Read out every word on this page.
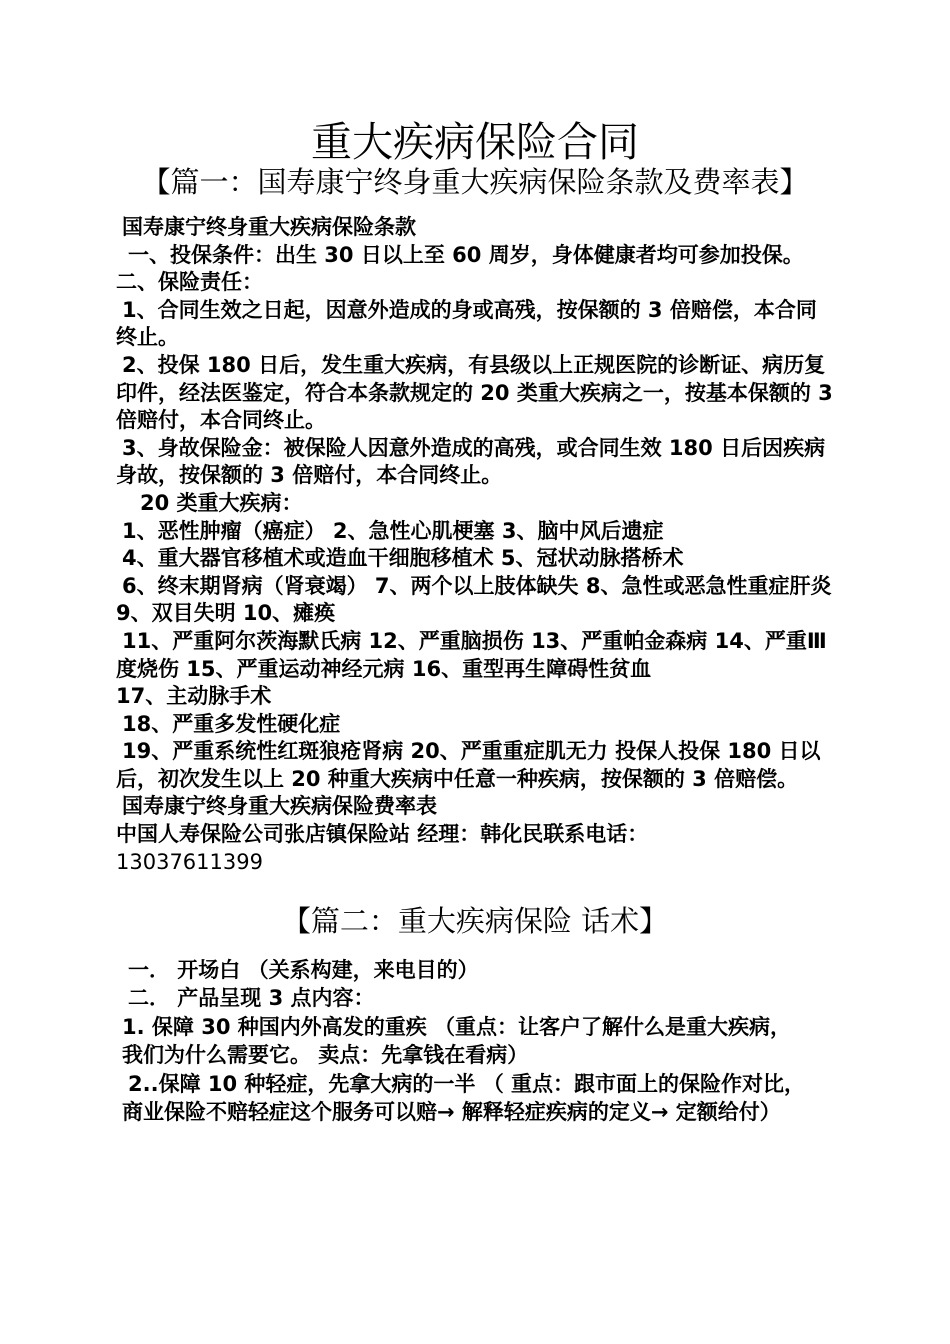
重大疾病保险合同
【篇一：国寿康宁终身重大疾病保险条款及费率表】

国寿康宁终身重大疾病保险条款

一、投保条件：出生 30 日以上至 60 周岁，身体健康者均可参加投保。 二、保险责任：

1、合同生效之日起，因意外造成的身或高残，按保额的 3 倍赔偿，本合同终止。

2、投保 180 日后，发生重大疾病，有县级以上正规医院的诊断证、病历复印件，经法医鉴定，符合本条款规定的 20 类重大疾病之一，按基本保额的 3 倍赔付，本合同终止。

3、身故保险金：被保险人因意外造成的高残，或合同生效 180 日后因疾病身故，按保额的 3 倍赔付，本合同终止。

20 类重大疾病：

1、恶性肿瘤（癌症） 2、急性心肌梗塞 3、脑中风后遗症

4、重大器官移植术或造血干细胞移植术 5、冠状动脉搭桥术

6、终末期肾病（肾衰竭） 7、两个以上肢体缺失 8、急性或恶急性重症肝炎 9、双目失明 10、瘫痪

11、严重阿尔茨海默氏病 12、严重脑损伤 13、严重帕金森病 14、严重Ⅲ度烧伤 15、严重运动神经元病 16、重型再生障碍性贫血

17、主动脉手术

18、严重多发性硬化症

19、严重系统性红斑狼疮肾病 20、严重重症肌无力 投保人投保 180 日以后，初次发生以上 20 种重大疾病中任意一种疾病，按保额的 3 倍赔偿。

国寿康宁终身重大疾病保险费率表

中国人寿保险公司张店镇保险站 经理：韩化民联系电话：

13037611399

【篇二：重大疾病保险 话术】

一． 开场白 （关系构建，来电目的）

二． 产品呈现 3 点内容：

1. 保障 30 种国内外高发的重疾 （重点：让客户了解什么是重大疾病，

我们为什么需要它。 卖点：先拿钱在看病）

2..保障 10 种轻症，先拿大病的一半 （ 重点：跟市面上的保险作对比，

商业保险不赔轻症这个服务可以赔→ 解释轻症疾病的定义→ 定额给付）
